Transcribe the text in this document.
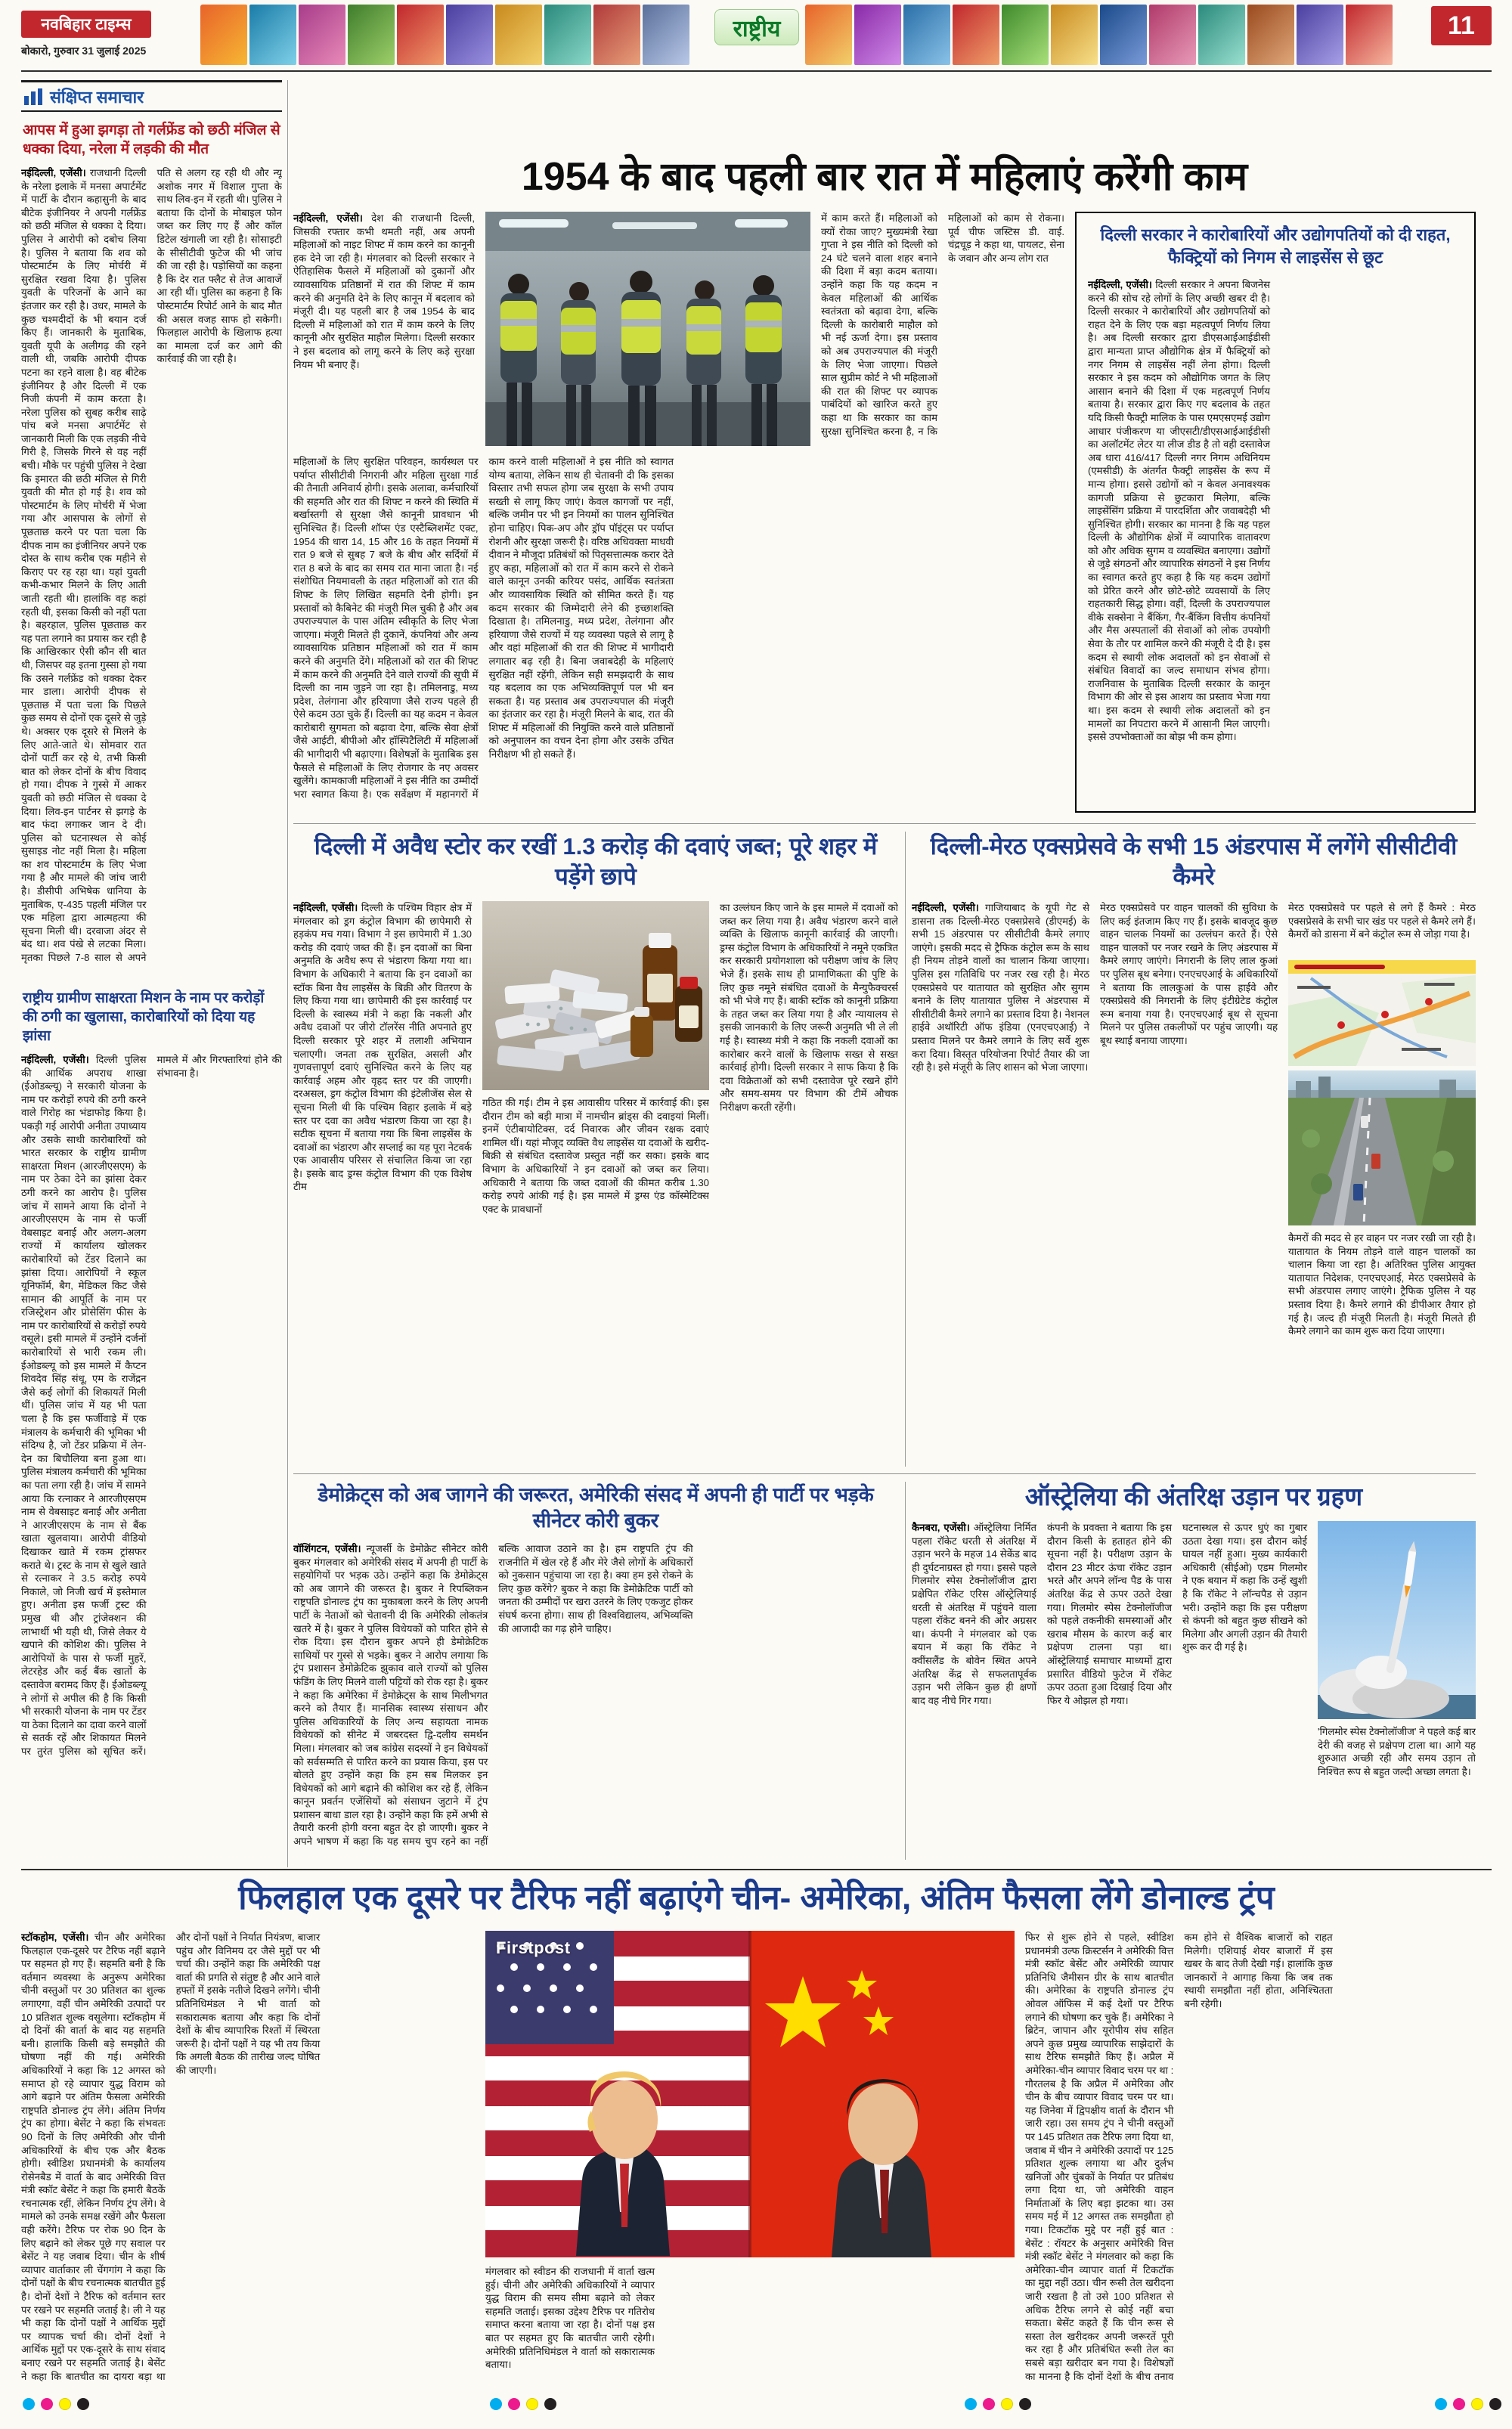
नवबिहार टाइम्स
बोकारो, गुरुवार 31 जुलाई 2025
राष्ट्रीय	11
संक्षिप्त समाचार
आपस में हुआ झगड़ा तो गर्लफ्रेंड को छठी मंजिल से धक्का दिया, नरेला में लड़की की मौत

नईदिल्ली, एजेंसी। राजधानी दिल्ली के नरेला इलाके में मनसा अपार्टमेंट में पार्टी के दौरान कहासुनी के बाद बीटेक इंजीनियर ने अपनी गर्लफ्रेंड को छठी मंजिल से धक्का दे दिया। पुलिस ने आरोपी को दबोच लिया है। पुलिस ने बताया कि शव को पोस्टमार्टम के लिए मोर्चरी में सुरक्षित रखवा दिया है। पुलिस युवती के परिजनों के आने का इंतजार कर रही है। उधर, मामले के कुछ चश्मदीदों के भी बयान दर्ज किए हैं। जानकारी के मुताबिक, युवती यूपी के अलीगढ़ की रहने वाली थी, जबकि आरोपी दीपक पटना का रहने वाला है। वह बीटेक इंजीनियर है और दिल्ली में एक निजी कंपनी में काम करता है। नरेला पुलिस को सुबह करीब साढ़े पांच बजे मनसा अपार्टमेंट से जानकारी मिली कि एक लड़की नीचे गिरी है, जिसके गिरने से वह नहीं बची। मौके पर पहुंची पुलिस ने देखा कि इमारत की छठी मंजिल से गिरी युवती की मौत हो गई है। शव को पोस्टमार्टम के लिए मोर्चरी में भेजा गया और आसपास के लोगों से पूछताछ करने पर पता चला कि दीपक नाम का इंजीनियर अपने एक दोस्त के साथ करीब एक महीने से किराए पर रह रहा था। यहां युवती कभी-कभार मिलने के लिए आती जाती रहती थी। हालांकि वह कहां रहती थी, इसका किसी को नहीं पता है। बहरहाल, पुलिस पूछताछ कर यह पता लगाने का प्रयास कर रही है कि आखिरकार ऐसी कौन सी बात थी, जिसपर वह इतना गुस्सा हो गया कि उसने गर्लफ्रेंड को धक्का देकर मार डाला। आरोपी दीपक से पूछताछ में पता चला कि पिछले कुछ समय से दोनों एक दूसरे से जुड़े थे। अक्सर एक दूसरे से मिलने के लिए आते-जाते थे। सोमवार रात दोनों पार्टी कर रहे थे, तभी किसी बात को लेकर दोनों के बीच विवाद हो गया। दीपक ने गुस्से में आकर युवती को छठी मंजिल से धक्का दे दिया। लिव-इन पार्टनर से झगड़े के बाद फंदा लगाकर जान दे दी। पुलिस को घटनास्थल से कोई सुसाइड नोट नहीं मिला है। महिला का शव पोस्टमार्टम के लिए भेजा गया है और मामले की जांच जारी है। डीसीपी अभिषेक धानिया के मुताबिक, ए-435 पहली मंजिल पर एक महिला द्वारा आत्महत्या की सूचना मिली थी। दरवाजा अंदर से बंद था। शव पंखे से लटका मिला। मृतका पिछले 7-8 साल से अपने पति से अलग रह रही थी और न्यू अशोक नगर में विशाल गुप्ता के साथ लिव-इन में रहती थी। पुलिस ने बताया कि दोनों के मोबाइल फोन जब्त कर लिए गए हैं और कॉल डिटेल खंगाली जा रही है। सोसाइटी के सीसीटीवी फुटेज की भी जांच की जा रही है। पड़ोसियों का कहना है कि देर रात फ्लैट से तेज आवाजें आ रही थीं। पुलिस का कहना है कि पोस्टमार्टम रिपोर्ट आने के बाद मौत की असल वजह साफ हो सकेगी। फिलहाल आरोपी के खिलाफ हत्या का मामला दर्ज कर आगे की कार्रवाई की जा रही है।

राष्ट्रीय ग्रामीण साक्षरता मिशन के नाम पर करोड़ों की ठगी का खुलासा, कारोबारियों को दिया यह झांसा

नईदिल्ली, एजेंसी। दिल्ली पुलिस की आर्थिक अपराध शाखा (ईओडब्ल्यू) ने सरकारी योजना के नाम पर करोड़ों रुपये की ठगी करने वाले गिरोह का भंडाफोड़ किया है। पकड़ी गई आरोपी अनीता उपाध्याय और उसके साथी कारोबारियों को भारत सरकार के राष्ट्रीय ग्रामीण साक्षरता मिशन (आरजीएसएम) के नाम पर ठेका देने का झांसा देकर ठगी करने का आरोप है। पुलिस जांच में सामने आया कि दोनों ने आरजीएसएम के नाम से फर्जी वेबसाइट बनाई और अलग-अलग राज्यों में कार्यालय खोलकर कारोबारियों को टेंडर दिलाने का झांसा दिया। आरोपियों ने स्कूल यूनिफॉर्म, बैग, मेडिकल किट जैसे सामान की आपूर्ति के नाम पर रजिस्ट्रेशन और प्रोसेसिंग फीस के नाम पर कारोबारियों से करोड़ों रुपये वसूले। इसी मामले में उन्होंने दर्जनों कारोबारियों से भारी रकम ली। ईओडब्ल्यू को इस मामले में कैप्टन शिवदेव सिंह संधू, एम के राजेंद्रन जैसे कई लोगों की शिकायतें मिली थीं। पुलिस जांच में यह भी पता चला है कि इस फर्जीवाड़े में एक मंत्रालय के कर्मचारी की भूमिका भी संदिग्ध है, जो टेंडर प्रक्रिया में लेन-देन का बिचौलिया बना हुआ था। पुलिस मंत्रालय कर्मचारी की भूमिका का पता लगा रही है। जांच में सामने आया कि रत्नाकर ने आरजीएसएम नाम से वेबसाइट बनाई और अनीता ने आरजीएसएम के नाम से बैंक खाता खुलवाया। आरोपी वीडियो दिखाकर खाते में रकम ट्रांसफर कराते थे। ट्रस्ट के नाम से खुले खाते से रत्नाकर ने 3.5 करोड़ रुपये निकाले, जो निजी खर्च में इस्तेमाल हुए। अनीता इस फर्जी ट्रस्ट की प्रमुख थी और ट्रांजेक्शन की लाभार्थी भी यही थी, जिसे लेकर ये खपाने की कोशिश की। पुलिस ने आरोपियों के पास से फर्जी मुहरें, लेटरहेड और कई बैंक खातों के दस्तावेज बरामद किए हैं। ईओडब्ल्यू ने लोगों से अपील की है कि किसी भी सरकारी योजना के नाम पर टेंडर या ठेका दिलाने का दावा करने वालों से सतर्क रहें और शिकायत मिलने पर तुरंत पुलिस को सूचित करें। मामले में और गिरफ्तारियां होने की संभावना है।

1954 के बाद पहली बार रात में महिलाएं करेंगी काम

नईदिल्ली, एजेंसी। देश की राजधानी दिल्ली, जिसकी रफ्तार कभी थमती नहीं, अब अपनी महिलाओं को नाइट शिफ्ट में काम करने का कानूनी हक देने जा रही है। मंगलवार को दिल्ली सरकार ने ऐतिहासिक फैसले में महिलाओं को दुकानों और व्यावसायिक प्रतिष्ठानों में रात की शिफ्ट में काम करने की अनुमति देने के लिए कानून में बदलाव को मंजूरी दी। यह पहली बार है जब 1954 के बाद दिल्ली में महिलाओं को रात में काम करने के लिए कानूनी और सुरक्षित माहौल मिलेगा। दिल्ली सरकार ने इस बदलाव को लागू करने के लिए कड़े सुरक्षा नियम भी बनाए हैं।

में काम करते हैं। महिलाओं को क्यों रोका जाए? मुख्यमंत्री रेखा गुप्ता ने इस नीति को दिल्ली को 24 घंटे चलने वाला शहर बनाने की दिशा में बड़ा कदम बताया। उन्होंने कहा कि यह कदम न केवल महिलाओं की आर्थिक स्वतंत्रता को बढ़ावा देगा, बल्कि दिल्ली के कारोबारी माहौल को भी नई ऊर्जा देगा। इस प्रस्ताव को अब उपराज्यपाल की मंजूरी के लिए भेजा जाएगा। पिछले साल सुप्रीम कोर्ट ने भी महिलाओं की रात की शिफ्ट पर व्यापक पाबंदियों को खारिज करते हुए कहा था कि सरकार का काम सुरक्षा सुनिश्चित करना है, न कि महिलाओं को काम से रोकना। पूर्व चीफ जस्टिस डी. वाई. चंद्रचूड़ ने कहा था, पायलट, सेना के जवान और अन्य लोग रात

महिलाओं के लिए सुरक्षित परिवहन, कार्यस्थल पर पर्याप्त सीसीटीवी निगरानी और महिला सुरक्षा गार्ड की तैनाती अनिवार्य होगी। इसके अलावा, कर्मचारियों की सहमति और रात की शिफ्ट न करने की स्थिति में बर्खास्तगी से सुरक्षा जैसे कानूनी प्रावधान भी सुनिश्चित हैं। दिल्ली शॉप्स एंड एस्टैब्लिशमेंट एक्ट, 1954 की धारा 14, 15 और 16 के तहत नियमों में रात 9 बजे से सुबह 7 बजे के बीच और सर्दियों में रात 8 बजे के बाद का समय रात माना जाता है। नई संशोधित नियमावली के तहत महिलाओं को रात की शिफ्ट के लिए लिखित सहमति देनी होगी। इन प्रस्तावों को कैबिनेट की मंजूरी मिल चुकी है और अब उपराज्यपाल के पास अंतिम स्वीकृति के लिए भेजा जाएगा। मंजूरी मिलते ही दुकानें, कंपनियां और अन्य व्यावसायिक प्रतिष्ठान महिलाओं को रात में काम करने की अनुमति देंगे। महिलाओं को रात की शिफ्ट में काम करने की अनुमति देने वाले राज्यों की सूची में दिल्ली का नाम जुड़ने जा रहा है। तमिलनाडु, मध्य प्रदेश, तेलंगाना और हरियाणा जैसे राज्य पहले ही ऐसे कदम उठा चुके हैं। दिल्ली का यह कदम न केवल कारोबारी सुगमता को बढ़ावा देगा, बल्कि सेवा क्षेत्रों जैसे आईटी, बीपीओ और हॉस्पिटैलिटी में महिलाओं की भागीदारी भी बढ़ाएगा। विशेषज्ञों के मुताबिक इस फैसले से महिलाओं के लिए रोजगार के नए अवसर खुलेंगे। कामकाजी महिलाओं ने इस नीति का उम्मीदों भरा स्वागत किया है। एक सर्वेक्षण में महानगरों में काम करने वाली महिलाओं ने इस नीति को स्वागत योग्य बताया, लेकिन साथ ही चेतावनी दी कि इसका विस्तार तभी सफल होगा जब सुरक्षा के सभी उपाय सख्ती से लागू किए जाएं। केवल कागजों पर नहीं, बल्कि जमीन पर भी इन नियमों का पालन सुनिश्चित होना चाहिए। पिक-अप और ड्रॉप पॉइंट्स पर पर्याप्त रोशनी और सुरक्षा जरूरी है। वरिष्ठ अधिवक्ता माधवी दीवान ने मौजूदा प्रतिबंधों को पितृसत्तात्मक करार देते हुए कहा, महिलाओं को रात में काम करने से रोकने वाले कानून उनकी करियर पसंद, आर्थिक स्वतंत्रता और व्यावसायिक स्थिति को सीमित करते हैं। यह कदम सरकार की जिम्मेदारी लेने की इच्छाशक्ति दिखाता है। तमिलनाडु, मध्य प्रदेश, तेलंगाना और हरियाणा जैसे राज्यों में यह व्यवस्था पहले से लागू है और वहां महिलाओं की रात की शिफ्ट में भागीदारी लगातार बढ़ रही है। बिना जवाबदेही के महिलाएं सुरक्षित नहीं रहेंगी, लेकिन सही समझदारी के साथ यह बदलाव का एक अभिव्यक्तिपूर्ण पल भी बन सकता है। यह प्रस्ताव अब उपराज्यपाल की मंजूरी का इंतजार कर रहा है। मंजूरी मिलने के बाद, रात की शिफ्ट में महिलाओं की नियुक्ति करने वाले प्रतिष्ठानों को अनुपालन का वचन देना होगा और उसके उचित निरीक्षण भी हो सकते हैं।

दिल्ली सरकार ने कारोबारियों और उद्योगपतियों को दी राहत, फैक्ट्रियों को निगम से लाइसेंस से छूट

नईदिल्ली, एजेंसी। दिल्ली सरकार ने अपना बिजनेस करने की सोच रहे लोगों के लिए अच्छी खबर दी है। दिल्ली सरकार ने कारोबारियों और उद्योगपतियों को राहत देने के लिए एक बड़ा महत्वपूर्ण निर्णय लिया है। अब दिल्ली सरकार द्वारा डीएसआईआईडीसी द्वारा मान्यता प्राप्त औद्योगिक क्षेत्र में फैक्ट्रियों को नगर निगम से लाइसेंस नहीं लेना होगा। दिल्ली सरकार ने इस कदम को औद्योगिक जगत के लिए आसान बनाने की दिशा में एक महत्वपूर्ण निर्णय बताया है। सरकार द्वारा किए गए बदलाव के तहत यदि किसी फैक्ट्री मालिक के पास एमएसएमई उद्योग आधार पंजीकरण या जीएसटी/डीएसआईआईडीसी का अलॉटमेंट लेटर या लीज डीड है तो वही दस्तावेज अब धारा 416/417 दिल्ली नगर निगम अधिनियम (एमसीडी) के अंतर्गत फैक्ट्री लाइसेंस के रूप में मान्य होगा। इससे उद्योगों को न केवल अनावश्यक कागजी प्रक्रिया से छुटकारा मिलेगा, बल्कि लाइसेंसिंग प्रक्रिया में पारदर्शिता और जवाबदेही भी सुनिश्चित होगी। सरकार का मानना है कि यह पहल दिल्ली के औद्योगिक क्षेत्रों में व्यापारिक वातावरण को और अधिक सुगम व व्यवस्थित बनाएगा। उद्योगों से जुड़े संगठनों और व्यापारिक संगठनों ने इस निर्णय का स्वागत करते हुए कहा है कि यह कदम उद्योगों को प्रेरित करने और छोटे-छोटे व्यवसायों के लिए राहतकारी सिद्ध होगा। वहीं, दिल्ली के उपराज्यपाल वीके सक्सेना ने बैंकिंग, गैर-बैंकिंग वित्तीय कंपनियों और मैस अस्पतालों की सेवाओं को लोक उपयोगी सेवा के तौर पर शामिल करने की मंजूरी दे दी है। इस कदम से स्थायी लोक अदालतों को इन सेवाओं से संबंधित विवादों का जल्द समाधान संभव होगा। राजनिवास के मुताबिक दिल्ली सरकार के कानून विभाग की ओर से इस आशय का प्रस्ताव भेजा गया था। इस कदम से स्थायी लोक अदालतों को इन मामलों का निपटारा करने में आसानी मिल जाएगी। इससे उपभोक्ताओं का बोझ भी कम होगा।

दिल्ली में अवैध स्टोर कर रखीं 1.3 करोड़ की दवाएं जब्त; पूरे शहर में पड़ेंगे छापे

नईदिल्ली, एजेंसी। दिल्ली के पश्चिम विहार क्षेत्र में मंगलवार को ड्रग कंट्रोल विभाग की छापेमारी से हड़कंप मच गया। विभाग ने इस छापेमारी में 1.30 करोड़ की दवाएं जब्त की हैं। इन दवाओं का बिना अनुमति के अवैध रूप से भंडारण किया गया था। विभाग के अधिकारी ने बताया कि इन दवाओं का स्टॉक बिना वैध लाइसेंस के बिक्री और वितरण के लिए किया गया था। छापेमारी की इस कार्रवाई पर दिल्ली के स्वास्थ्य मंत्री ने कहा कि नकली और अवैध दवाओं पर जीरो टॉलरेंस नीति अपनाते हुए दिल्ली सरकार पूरे शहर में तलाशी अभियान चलाएगी। जनता तक सुरक्षित, असली और गुणवत्तापूर्ण दवाएं सुनिश्चित करने के लिए यह कार्रवाई अहम और वृहद स्तर पर की जाएगी। दरअसल, ड्रग कंट्रोल विभाग की इंटेलीजेंस सेल से सूचना मिली थी कि पश्चिम विहार इलाके में बड़े स्तर पर दवा का अवैध भंडारण किया जा रहा है। सटीक सूचना में बताया गया कि बिना लाइसेंस के दवाओं का भंडारण और सप्लाई का यह पूरा नेटवर्क एक आवासीय परिसर से संचालित किया जा रहा है। इसके बाद ड्रग्स कंट्रोल विभाग की एक विशेष टीम

गठित की गई। टीम ने इस आवासीय परिसर में कार्रवाई की। इस दौरान टीम को बड़ी मात्रा में नामचीन ब्रांड्स की दवाइयां मिलीं। इनमें एंटीबायोटिक्स, दर्द निवारक और जीवन रक्षक दवाएं शामिल थीं। यहां मौजूद व्यक्ति वैध लाइसेंस या दवाओं के खरीद-बिक्री से संबंधित दस्तावेज प्रस्तुत नहीं कर सका। इसके बाद विभाग के अधिकारियों ने इन दवाओं को जब्त कर लिया। अधिकारी ने बताया कि जब्त दवाओं की कीमत करीब 1.30 करोड़ रुपये आंकी गई है। इस मामले में ड्रग्स एंड कॉस्मेटिक्स एक्ट के प्रावधानों

का उल्लंघन किए जाने के इस मामले में दवाओं को जब्त कर लिया गया है। अवैध भंडारण करने वाले व्यक्ति के खिलाफ कानूनी कार्रवाई की जाएगी। ड्रग्स कंट्रोल विभाग के अधिकारियों ने नमूने एकत्रित कर सरकारी प्रयोगशाला को परीक्षण जांच के लिए भेजे हैं। इसके साथ ही प्रामाणिकता की पुष्टि के लिए कुछ नमूने संबंधित दवाओं के मैन्युफैक्चरर्स को भी भेजे गए हैं। बाकी स्टॉक को कानूनी प्रक्रिया के तहत जब्त कर लिया गया है और न्यायालय से इसकी जानकारी के लिए जरूरी अनुमति भी ले ली गई है। स्वास्थ्य मंत्री ने कहा कि नकली दवाओं का कारोबार करने वालों के खिलाफ सख्त से सख्त कार्रवाई होगी। दिल्ली सरकार ने साफ किया है कि दवा विक्रेताओं को सभी दस्तावेज पूरे रखने होंगे और समय-समय पर विभाग की टीमें औचक निरीक्षण करती रहेंगी।

दिल्ली-मेरठ एक्सप्रेसवे के सभी 15 अंडरपास में लगेंगे सीसीटीवी कैमरे

नईदिल्ली, एजेंसी। गाजियाबाद के यूपी गेट से डासना तक दिल्ली-मेरठ एक्सप्रेसवे (डीएमई) के सभी 15 अंडरपास पर सीसीटीवी कैमरे लगाए जाएंगे। इसकी मदद से ट्रैफिक कंट्रोल रूम के साथ ही नियम तोड़ने वालों का चालान किया जाएगा। पुलिस इस गतिविधि पर नजर रख रही है। मेरठ एक्सप्रेसवे पर यातायात को सुरक्षित और सुगम बनाने के लिए यातायात पुलिस ने अंडरपास में सीसीटीवी कैमरे लगाने का प्रस्ताव दिया है। नेशनल हाईवे अथॉरिटी ऑफ इंडिया (एनएचएआई) ने प्रस्ताव मिलने पर कैमरे लगाने के लिए सर्वे शुरू करा दिया। विस्तृत परियोजना रिपोर्ट तैयार की जा रही है। इसे मंजूरी के लिए शासन को भेजा जाएगा।

मेरठ एक्सप्रेसवे पर वाहन चालकों की सुविधा के लिए कई इंतजाम किए गए हैं। इसके बावजूद कुछ वाहन चालक नियमों का उल्लंघन करते हैं। ऐसे वाहन चालकों पर नजर रखने के लिए अंडरपास में कैमरे लगाए जाएंगे। निगरानी के लिए लाल कुआं पर पुलिस बूथ बनेगा। एनएचएआई के अधिकारियों ने बताया कि लालकुआं के पास हाईवे और एक्सप्रेसवे की निगरानी के लिए इंटीग्रेटेड कंट्रोल रूम बनाया गया है। एनएचएआई बूथ से सूचना मिलने पर पुलिस तकलीफों पर पहुंच जाएगी। यह बूथ स्थाई बनाया जाएगा।

मेरठ एक्सप्रेसवे पर पहले से लगे हैं कैमरे : मेरठ एक्सप्रेसवे के सभी चार खंड पर पहले से कैमरे लगे हैं। कैमरों को डासना में बने कंट्रोल रूम से जोड़ा गया है।

कैमरों की मदद से हर वाहन पर नजर रखी जा रही है। यातायात के नियम तोड़ने वाले वाहन चालकों का चालान किया जा रहा है। अतिरिक्त पुलिस आयुक्त यातायात निदेशक, एनएचएआई, मेरठ एक्सप्रेसवे के सभी अंडरपास लगाए जाएंगे। ट्रैफिक पुलिस ने यह प्रस्ताव दिया है। कैमरे लगाने की डीपीआर तैयार हो गई है। जल्द ही मंजूरी मिलती है। मंजूरी मिलते ही कैमरे लगाने का काम शुरू करा दिया जाएगा।

डेमोक्रेट्स को अब जागने की जरूरत, अमेरिकी संसद में अपनी ही पार्टी पर भड़के सीनेटर कोरी बुकर

वॉशिंगटन, एजेंसी। न्यूजर्सी के डेमोक्रेट सीनेटर कोरी बुकर मंगलवार को अमेरिकी संसद में अपनी ही पार्टी के सहयोगियों पर भड़क उठे। उन्होंने कहा कि डेमोक्रेट्स को अब जागने की जरूरत है। बुकर ने रिपब्लिकन राष्ट्रपति डोनाल्ड ट्रंप का मुकाबला करने के लिए अपनी पार्टी के नेताओं को चेतावनी दी कि अमेरिकी लोकतंत्र खतरे में है। बुकर ने पुलिस विधेयकों को पारित होने से रोक दिया। इस दौरान बुकर अपने ही डेमोक्रेटिक साथियों पर गुस्से से भड़के। बुकर ने आरोप लगाया कि ट्रंप प्रशासन डेमोक्रेटिक झुकाव वाले राज्यों को पुलिस फंडिंग के लिए मिलने वाली पट्टियों को रोक रहा है। बुकर ने कहा कि अमेरिका में डेमोक्रेट्स के साथ मिलीभगत करने को तैयार हैं। मानसिक स्वास्थ्य संसाधन और पुलिस अधिकारियों के लिए अन्य सहायता नामक विधेयकों को सीनेट में जबरदस्त द्वि-दलीय समर्थन मिला। मंगलवार को जब कांग्रेस सदस्यों ने इन विधेयकों को सर्वसम्मति से पारित करने का प्रयास किया, इस पर बोलते हुए उन्होंने कहा कि हम सब मिलकर इन विधेयकों को आगे बढ़ाने की कोशिश कर रहे हैं, लेकिन कानून प्रवर्तन एजेंसियों को संसाधन जुटाने में ट्रंप प्रशासन बाधा डाल रहा है। उन्होंने कहा कि हमें अभी से तैयारी करनी होगी वरना बहुत देर हो जाएगी। बुकर ने अपने भाषण में कहा कि यह समय चुप रहने का नहीं बल्कि आवाज उठाने का है। हम राष्ट्रपति ट्रंप की राजनीति में खेल रहे हैं और मेरे जैसे लोगों के अधिकारों को नुकसान पहुंचाया जा रहा है। क्या हम इसे रोकने के लिए कुछ करेंगे? बुकर ने कहा कि डेमोक्रेटिक पार्टी को जनता की उम्मीदों पर खरा उतरने के लिए एकजुट होकर संघर्ष करना होगा। साथ ही विश्वविद्यालय, अभिव्यक्ति की आजादी का गढ़ होने चाहिए।

ऑस्ट्रेलिया की अंतरिक्ष उड़ान पर ग्रहण

कैनबरा, एजेंसी। ऑस्ट्रेलिया निर्मित पहला रॉकेट धरती से अंतरिक्ष में उड़ान भरने के महज 14 सेकेंड बाद ही दुर्घटनाग्रस्त हो गया। इससे पहले गिलमोर स्पेस टेक्नोलॉजीज द्वारा प्रक्षेपित रॉकेट एरिस ऑस्ट्रेलियाई धरती से अंतरिक्ष में पहुंचने वाला पहला रॉकेट बनने की ओर अग्रसर था। कंपनी ने मंगलवार को एक बयान में कहा कि रॉकेट ने क्वींसलैंड के बोवेन स्थित अपने अंतरिक्ष केंद्र से सफलतापूर्वक उड़ान भरी लेकिन कुछ ही क्षणों बाद वह नीचे गिर गया।

कंपनी के प्रवक्ता ने बताया कि इस दौरान किसी के हताहत होने की सूचना नहीं है। परीक्षण उड़ान के दौरान 23 मीटर ऊंचा रॉकेट उड़ान भरते और अपने लॉन्च पैड के पास अंतरिक्ष केंद्र से ऊपर उठते देखा गया। गिलमोर स्पेस टेक्नोलॉजीज को पहले तकनीकी समस्याओं और खराब मौसम के कारण कई बार प्रक्षेपण टालना पड़ा था। ऑस्ट्रेलियाई समाचार माध्यमों द्वारा प्रसारित वीडियो फुटेज में रॉकेट ऊपर उठता हुआ दिखाई दिया और फिर ये ओझल हो गया।

घटनास्थल से ऊपर धुएं का गुबार उठता देखा गया। इस दौरान कोई घायल नहीं हुआ। मुख्य कार्यकारी अधिकारी (सीईओ) एडम गिलमोर ने एक बयान में कहा कि उन्हें खुशी है कि रॉकेट ने लॉन्चपैड से उड़ान भरी। उन्होंने कहा कि इस परीक्षण से कंपनी को बहुत कुछ सीखने को मिलेगा और अगली उड़ान की तैयारी शुरू कर दी गई है।

'गिलमोर स्पेस टेक्नोलॉजीज' ने पहले कई बार देरी की वजह से प्रक्षेपण टाला था। आगे यह शुरुआत अच्छी रही और समय उड़ान तो निश्चित रूप से बहुत जल्दी अच्छा लगता है।

फिलहाल एक दूसरे पर टैरिफ नहीं बढ़ाएंगे चीन- अमेरिका, अंतिम फैसला लेंगे डोनाल्ड ट्रंप

स्टॉकहोम, एजेंसी। चीन और अमेरिका फिलहाल एक-दूसरे पर टैरिफ नहीं बढ़ाने पर सहमत हो गए हैं। सहमति बनी है कि वर्तमान व्यवस्था के अनुरूप अमेरिका चीनी वस्तुओं पर 30 प्रतिशत का शुल्क लगाएगा, वहीं चीन अमेरिकी उत्पादों पर 10 प्रतिशत शुल्क वसूलेगा। स्टॉकहोम में दो दिनों की वार्ता के बाद यह सहमति बनी। हालांकि किसी बड़े समझौते की घोषणा नहीं की गई। अमेरिकी अधिकारियों ने कहा कि 12 अगस्त को समाप्त हो रहे व्यापार युद्ध विराम को आगे बढ़ाने पर अंतिम फैसला अमेरिकी राष्ट्रपति डोनाल्ड ट्रंप लेंगे। अंतिम निर्णय ट्रंप का होगा। बेसेंट ने कहा कि संभवतः 90 दिनों के लिए अमेरिकी और चीनी अधिकारियों के बीच एक और बैठक होगी। स्वीडिश प्रधानमंत्री के कार्यालय रोसेनबैड में वार्ता के बाद अमेरिकी वित्त मंत्री स्कॉट बेसेंट ने कहा कि हमारी बैठकें रचनात्मक रहीं, लेकिन निर्णय ट्रंप लेंगे। वे मामले को उनके समक्ष रखेंगे और फैसला वही करेंगे। टैरिफ पर रोक 90 दिन के लिए बढ़ाने को लेकर पूछे गए सवाल पर बेसेंट ने यह जवाब दिया। चीन के शीर्ष व्यापार वार्ताकार ली चेंगगांग ने कहा कि दोनों पक्षों के बीच रचनात्मक बातचीत हुई है। दोनों देशों ने टैरिफ को वर्तमान स्तर पर रखने पर सहमति जताई है। ली ने यह भी कहा कि दोनों पक्षों ने आर्थिक मुद्दों पर व्यापक चर्चा की। दोनों देशों ने आर्थिक मुद्दों पर एक-दूसरे के साथ संवाद बनाए रखने पर सहमति जताई है। बेसेंट ने कहा कि बातचीत का दायरा बड़ा था और दोनों पक्षों ने निर्यात नियंत्रण, बाजार पहुंच और विनिमय दर जैसे मुद्दों पर भी चर्चा की। उन्होंने कहा कि अमेरिकी पक्ष वार्ता की प्रगति से संतुष्ट है और आने वाले हफ्तों में इसके नतीजे दिखने लगेंगे। चीनी प्रतिनिधिमंडल ने भी वार्ता को सकारात्मक बताया और कहा कि दोनों देशों के बीच व्यापारिक रिश्तों में स्थिरता जरूरी है। दोनों पक्षों ने यह भी तय किया कि अगली बैठक की तारीख जल्द घोषित की जाएगी।

Firstpost

मंगलवार को स्वीडन की राजधानी में वार्ता खत्म हुई। चीनी और अमेरिकी अधिकारियों ने व्यापार युद्ध विराम की समय सीमा बढ़ाने को लेकर सहमति जताई। इसका उद्देश्य टैरिफ पर गतिरोध समाप्त करना बताया जा रहा है। दोनों पक्ष इस बात पर सहमत हुए कि बातचीत जारी रहेगी। अमेरिकी प्रतिनिधिमंडल ने वार्ता को सकारात्मक बताया।

फिर से शुरू होने से पहले, स्वीडिश प्रधानमंत्री उल्फ क्रिस्टर्सन ने अमेरिकी वित्त मंत्री स्कॉट बेसेंट और अमेरिकी व्यापार प्रतिनिधि जैमीसन ग्रीर के साथ बातचीत की। अमेरिका के राष्ट्रपति डोनाल्ड ट्रंप ओवल ऑफिस में कई देशों पर टैरिफ लगाने की घोषणा कर चुके हैं। अमेरिका ने ब्रिटेन, जापान और यूरोपीय संघ सहित अपने कुछ प्रमुख व्यापारिक साझेदारों के साथ टैरिफ समझौते किए हैं। अप्रैल में अमेरिका-चीन व्यापार विवाद चरम पर था : गौरतलब है कि अप्रैल में अमेरिका और चीन के बीच व्यापार विवाद चरम पर था। यह जिनेवा में द्विपक्षीय वार्ता के दौरान भी जारी रहा। उस समय ट्रंप ने चीनी वस्तुओं पर 145 प्रतिशत तक टैरिफ लगा दिया था, जवाब में चीन ने अमेरिकी उत्पादों पर 125 प्रतिशत शुल्क लगाया था और दुर्लभ खनिजों और चुंबकों के निर्यात पर प्रतिबंध लगा दिया था, जो अमेरिकी वाहन निर्माताओं के लिए बड़ा झटका था। उस समय मई में 12 अगस्त तक समझौता हो गया। टिकटॉक मुद्दे पर नहीं हुई बात : बेसेंट : रॉयटर के अनुसार अमेरिकी वित्त मंत्री स्कॉट बेसेंट ने मंगलवार को कहा कि अमेरिका-चीन व्यापार वार्ता में टिकटॉक का मुद्दा नहीं उठा। चीन रूसी तेल खरीदना जारी रखता है तो उसे 100 प्रतिशत से अधिक टैरिफ लगने से कोई नहीं बचा सकता। बेसेंट कहते हैं कि चीन रूस से सस्ता तेल खरीदकर अपनी जरूरतें पूरी कर रहा है और प्रतिबंधित रूसी तेल का सबसे बड़ा खरीदार बन गया है। विशेषज्ञों का मानना है कि दोनों देशों के बीच तनाव कम होने से वैश्विक बाजारों को राहत मिलेगी। एशियाई शेयर बाजारों में इस खबर के बाद तेजी देखी गई। हालांकि कुछ जानकारों ने आगाह किया कि जब तक स्थायी समझौता नहीं होता, अनिश्चितता बनी रहेगी।
